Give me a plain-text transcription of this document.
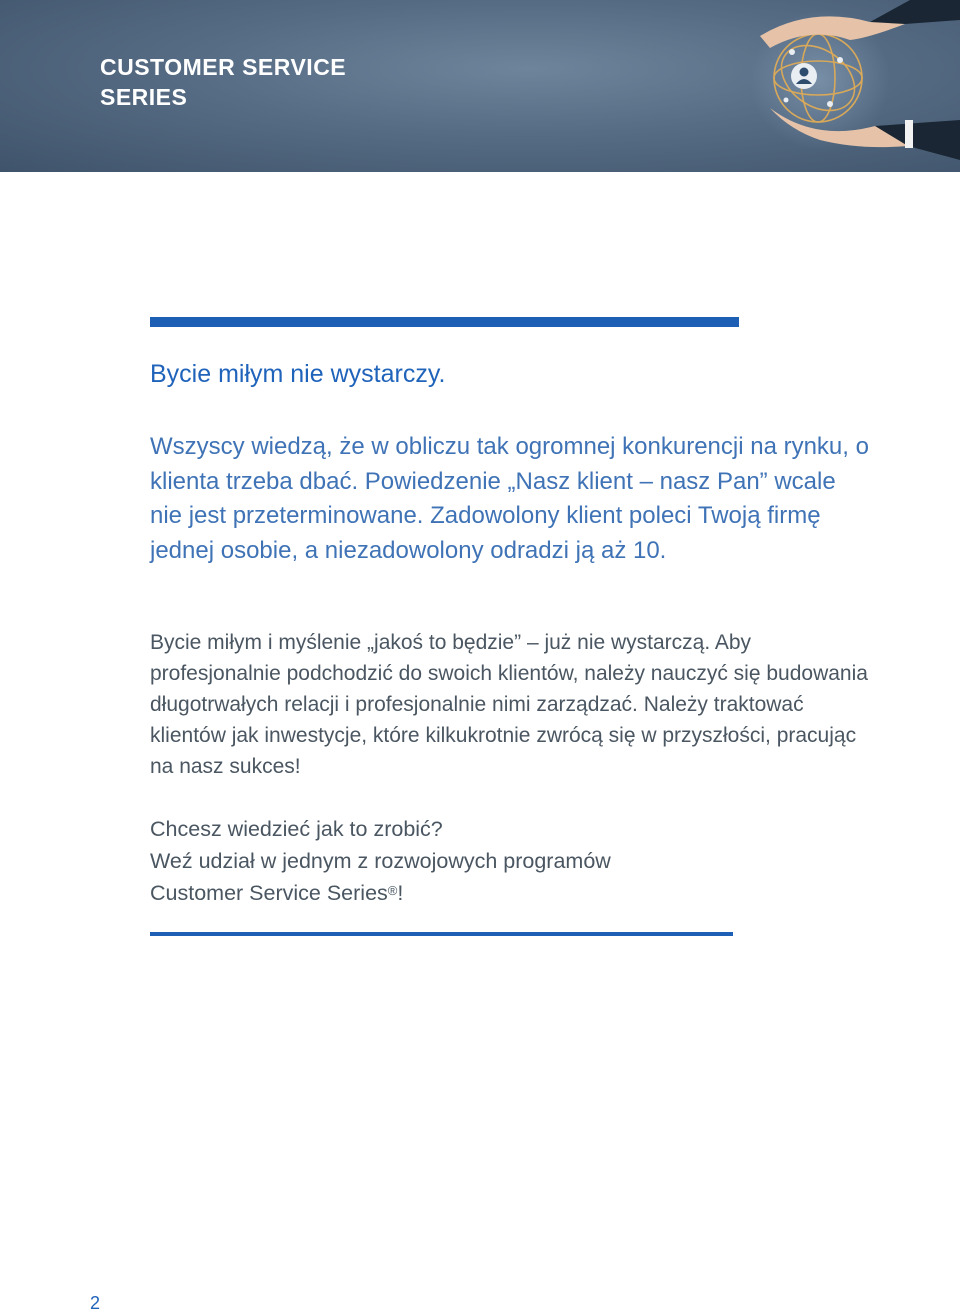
CUSTOMER SERVICE
SERIES
Bycie miłym nie wystarczy.

Wszyscy wiedzą, że w obliczu tak ogromnej konkurencji na rynku, o klienta trzeba dbać. Powiedzenie „Nasz klient – nasz Pan” wcale nie jest przeterminowane. Zadowolony klient poleci Twoją firmę jednej osobie, a niezadowolony odradzi ją aż 10.

Bycie miłym i myślenie „jakoś to będzie” – już nie wystarczą. Aby profesjonalnie podchodzić do swoich klientów, należy nauczyć się budowania długotrwałych relacji i profesjonalnie nimi zarządzać. Należy traktować klientów jak inwestycje, które kilkukrotnie zwrócą się w przyszłości, pracując na nasz sukces!

Chcesz wiedzieć jak to zrobić?
Weź udział w jednym z rozwojowych programów
Customer Service Series®!

2
